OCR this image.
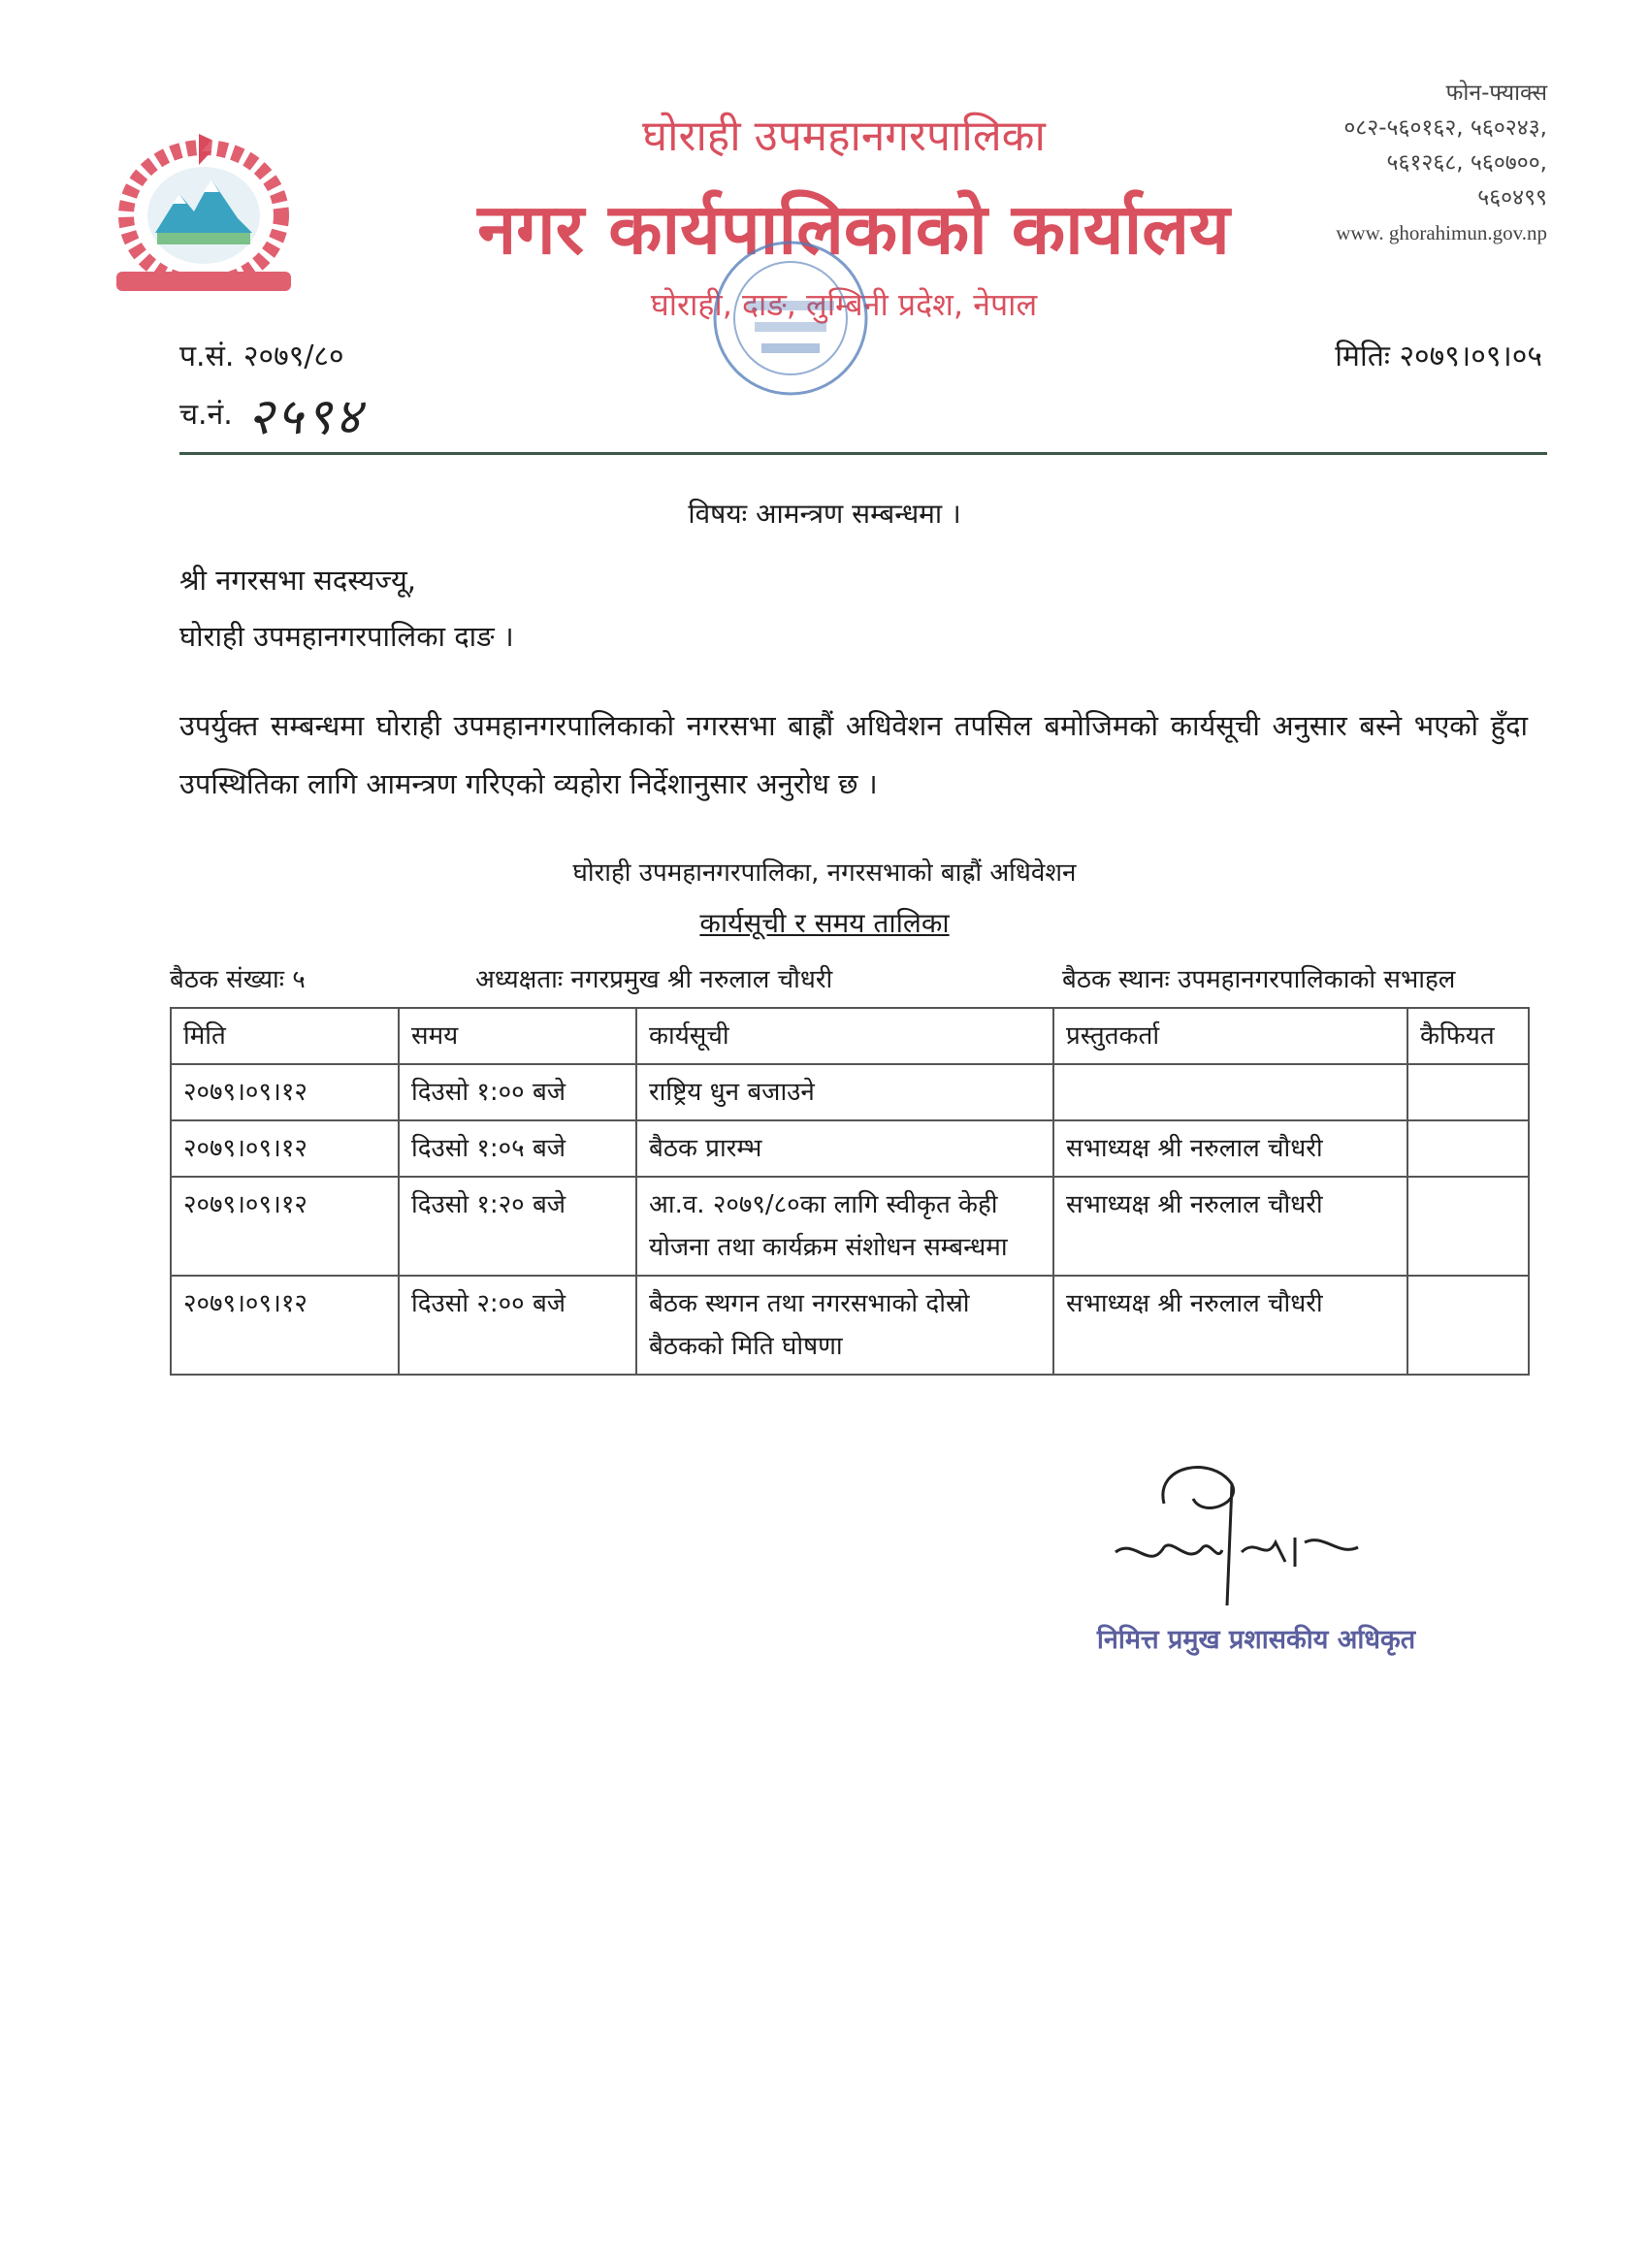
घोराही उपमहानगरपालिका
नगर कार्यपालिकाको कार्यालय
घोराही, दाङ, लुम्बिनी प्रदेश, नेपाल
फोन-फ्याक्स
०८२-५६०१६२, ५६०२४३,
५६१२६८, ५६०७००,
५६०४९९
www. ghorahimun.gov.np
प.सं. २०७९/८०
च.नं. २५९४
मितिः २०७९।०९।०५
विषयः आमन्त्रण सम्बन्धमा ।
श्री नगरसभा सदस्यज्यू,
घोराही उपमहानगरपालिका दाङ ।
उपर्युक्त सम्बन्धमा घोराही उपमहानगरपालिकाको नगरसभा बाह्रौं अधिवेशन तपसिल बमोजिमको कार्यसूची अनुसार बस्ने भएको हुँदा उपस्थितिका लागि आमन्त्रण गरिएको व्यहोरा निर्देशानुसार अनुरोध छ ।
घोराही उपमहानगरपालिका, नगरसभाको बाह्रौं अधिवेशन
कार्यसूची र समय तालिका
बैठक संख्याः ५	अध्यक्षताः नगरप्रमुख श्री नरुलाल चौधरी	बैठक स्थानः उपमहानगरपालिकाको सभाहल
मिति	समय	कार्यसूची	प्रस्तुतकर्ता	कैफियत
२०७९।०९।१२	दिउसो १:०० बजे	राष्ट्रिय धुन बजाउने		
२०७९।०९।१२	दिउसो १:०५ बजे	बैठक प्रारम्भ	सभाध्यक्ष श्री नरुलाल चौधरी	
२०७९।०९।१२	दिउसो १:२० बजे	आ.व. २०७९/८०का लागि स्वीकृत केही योजना तथा कार्यक्रम संशोधन सम्बन्धमा	सभाध्यक्ष श्री नरुलाल चौधरी	
२०७९।०९।१२	दिउसो २:०० बजे	बैठक स्थगन तथा नगरसभाको दोस्रो बैठकको मिति घोषणा	सभाध्यक्ष श्री नरुलाल चौधरी	
निमित्त प्रमुख प्रशासकीय अधिकृत
